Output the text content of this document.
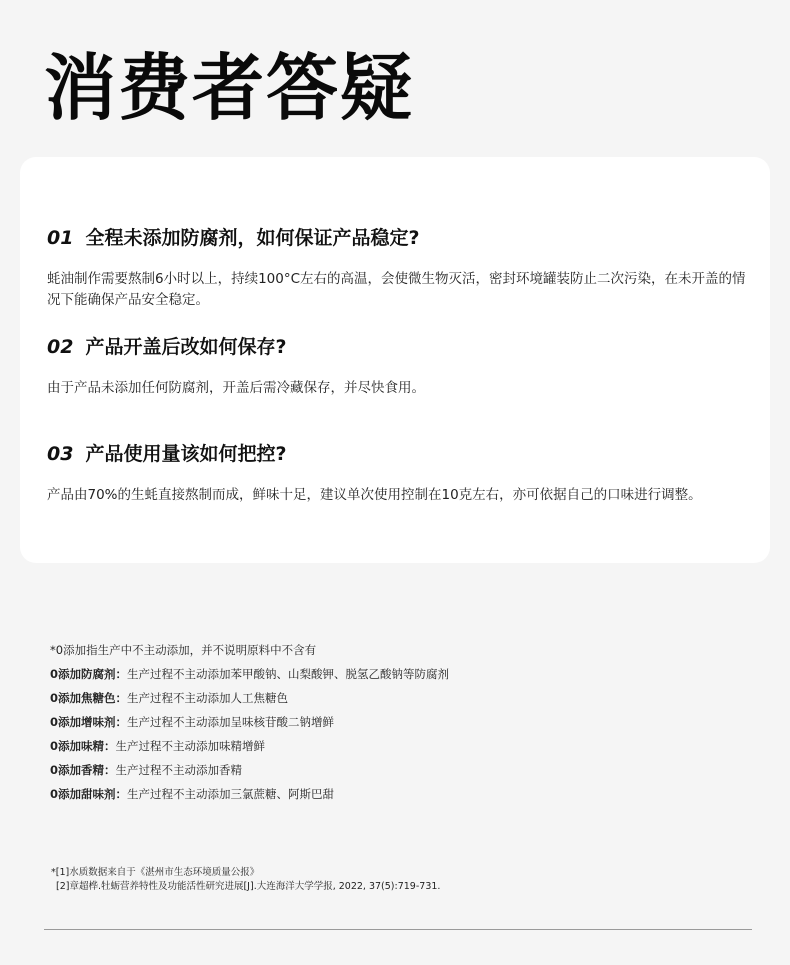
消费者答疑

01 全程未添加防腐剂，如何保证产品稳定?

蚝油制作需要熬制6小时以上，持续100°C左右的高温，会使微生物灭活，密封环境罐装防止二次污染，在未开盖的情况下能确保产品安全稳定。

02 产品开盖后改如何保存?

由于产品未添加任何防腐剂，开盖后需冷藏保存，并尽快食用。

03 产品使用量该如何把控?

产品由70%的生蚝直接熬制而成，鲜味十足，建议单次使用控制在10克左右，亦可依据自己的口味进行调整。

*0添加指生产中不主动添加，并不说明原料中不含有
0添加防腐剂：生产过程不主动添加苯甲酸钠、山梨酸钾、脱氢乙酸钠等防腐剂
0添加焦糖色：生产过程不主动添加人工焦糖色
0添加增味剂：生产过程不主动添加呈味核苷酸二钠增鲜
0添加味精：生产过程不主动添加味精增鲜
0添加香精：生产过程不主动添加香精
0添加甜味剂：生产过程不主动添加三氯蔗糖、阿斯巴甜
*[1]水质数据来自于《湛州市生态环境质量公报》
[2]章超桦.牡蛎营养特性及功能活性研究进展[J].大连海洋大学学报, 2022, 37(5):719-731.
